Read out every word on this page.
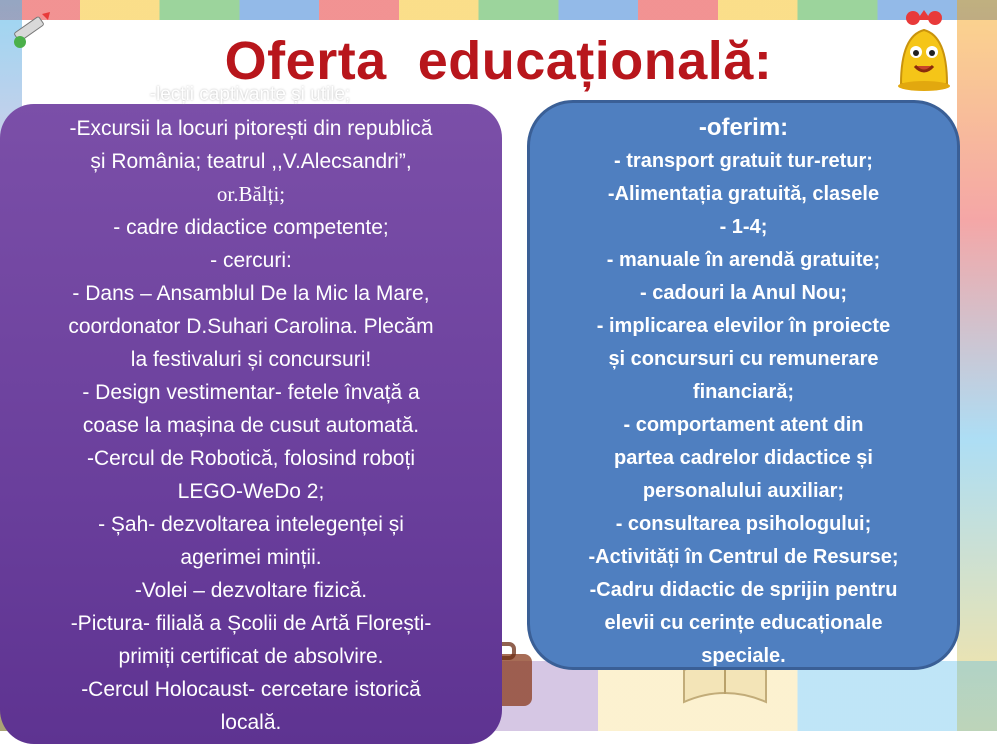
Oferta  educațională:
-Excursii la locuri pitorești din republică
și România; teatrul ,,V.Alecsandri”,
or.Bălți;
- cadre didactice competente;
- cercuri:
- Dans – Ansamblul De la Mic la Mare,
coordonator D.Suhari Carolina. Plecăm
la festivaluri și concursuri!
- Design vestimentar- fetele învață a
coase la mașina de cusut automată.
-Cercul de Robotică, folosind roboți
LEGO-WeDo 2;
- Șah- dezvoltarea intelegenței și
agerimei minții.
-Volei – dezvoltare fizică.
-Pictura- filială a Școlii de Artă Florești-
primiți certificat de absolvire.
-Cercul Holocaust- cercetare istorică
locală.
-lecții captivante și utile;
-oferim:
- transport gratuit tur-retur;
-Alimentația gratuită, clasele
- 1-4;
- manuale în arendă gratuite;
- cadouri la Anul Nou;
- implicarea elevilor în proiecte
și concursuri cu remunerare
financiară;
- comportament atent din
partea cadrelor didactice și
personalului auxiliar;
- consultarea psihologului;
-Activități în Centrul de Resurse;
-Cadru didactic de sprijin pentru
elevii cu cerințe educaționale
speciale.
